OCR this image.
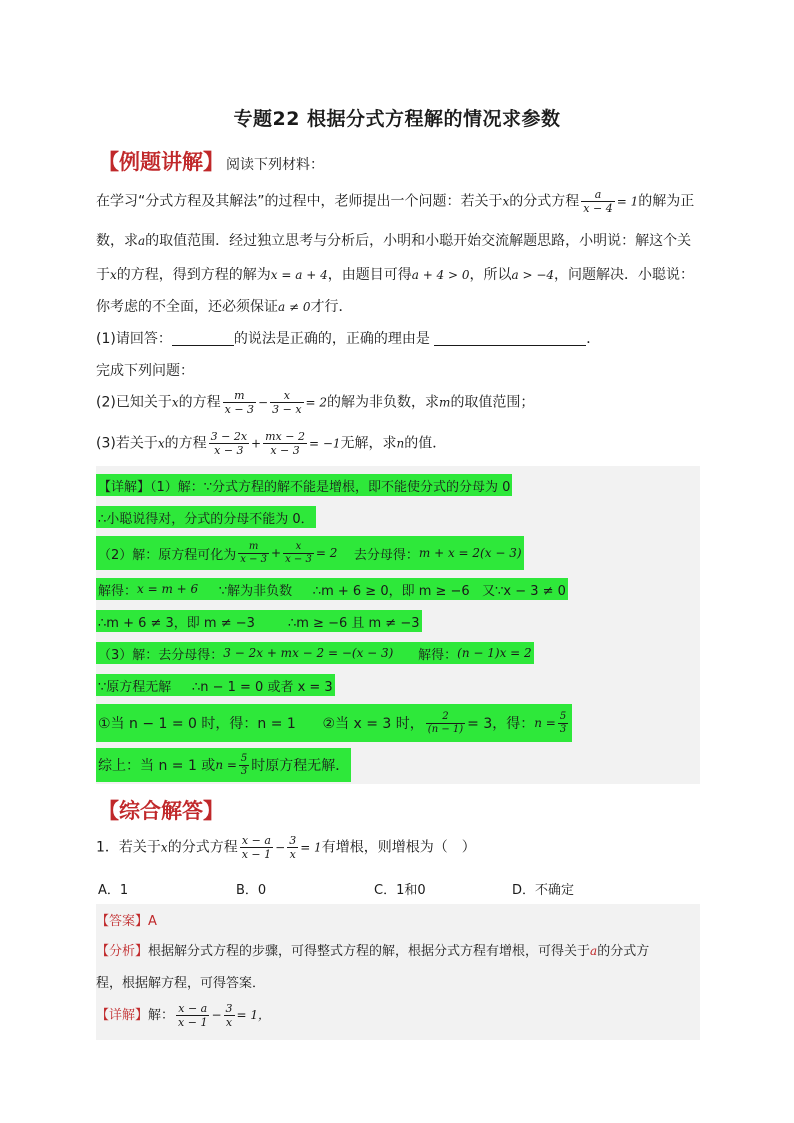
专题22 根据分式方程解的情况求参数
【例题讲解】 阅读下列材料：
在学习“分式方程及其解法”的过程中，老师提出一个问题：若关于x的分式方程 $\frac{a}{x - 4} = 1$的解为正
数，求a的取值范围．经过独立思考与分析后，小明和小聪开始交流解题思路，小明说：解这个关
于x的方程，得到方程的解为x = a + 4，由题目可得a + 4 > 0，所以a > −4，问题解决．小聪说：
你考虑的不全面，还必须保证a ≠ 0才行．
(1)请回答：	的说法是正确的，正确的理由是	．
完成下列问题：
(2)已知关于x的方程 $\frac{m}{x - 3} - \frac{x}{3 - x} = 2$的解为非负数，求m的取值范围；
(3)若关于x的方程 $\frac{3 - 2x}{x - 3} + \frac{mx - 2}{x - 3} = -1$无解，求n的值．
【详解】（1）解：∵分式方程的解不能是增根，即不能使分式的分母为 0
∴小聪说得对，分式的分母不能为 0．
（2）解：原方程可化为 $\frac{m}{x - 3} + \frac{x}{x - 3} = 2$
去分母得： m + x = 2(x − 3)
解得： x = m + 6
∵解为非负数
∴m + 6 ≥ 0，即 m ≥ −6
又∵x − 3 ≠ 0
∴m + 6 ≠ 3，即 m ≠ −3
	∴m ≥ −6 且 m ≠ −3
（3）解：去分母得： 3 − 2x + mx − 2 = −(x − 3)
解得： (n − 1)x = 2
∵原方程无解
∴n − 1 = 0 或者 x = 3
①当 n − 1 = 0 时，得：n = 1
②当 x = 3 时， $\frac{2}{(n - 1)} = 3$，得： $n = \frac{5}{3}$
综上：当 n = 1 或 $n = \frac{5}{3}$ 时原方程无解．
【综合解答】
1．若关于x的分式方程 $\frac{x - a}{x - 1} - \frac{3}{x} = 1$有增根，则增根为（　）
A．1	B．0	C．1和0	D．不确定
【答案】A
【分析】根据解分式方程的步骤，可得整式方程的解，根据分式方程有增根，可得关于a的分式方
程，根据解方程，可得答案．
【详解】解： $\frac{x - a}{x - 1} - \frac{3}{x} = 1$，
